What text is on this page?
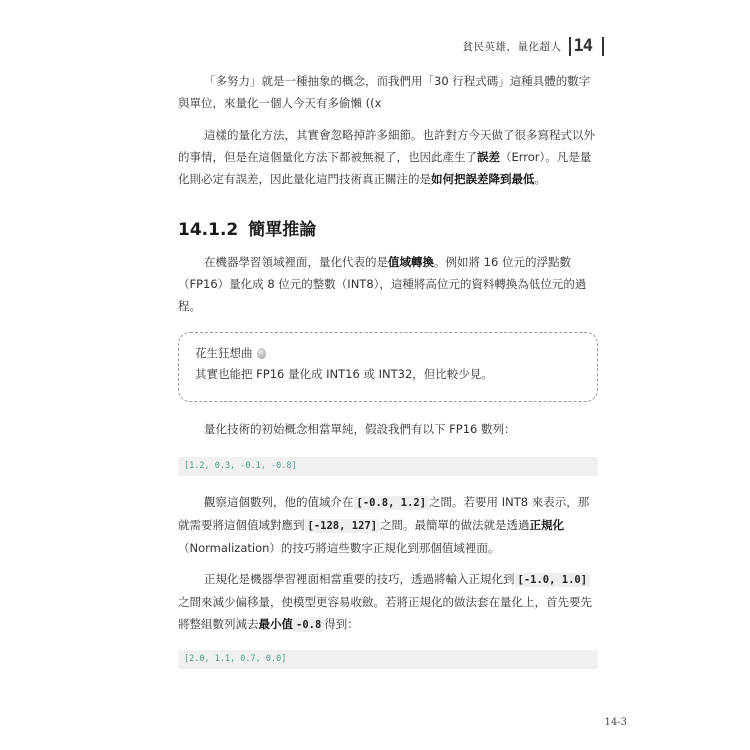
貧民英雄，量化超人 14

「多努力」就是一種抽象的概念，而我們用「30 行程式碼」這種具體的數字與單位，來量化一個人今天有多偷懶 ((x

這樣的量化方法，其實會忽略掉許多細節。也許對方今天做了很多寫程式以外的事情，但是在這個量化方法下都被無視了，也因此產生了誤差（Error）。凡是量化則必定有誤差，因此量化這門技術真正關注的是如何把誤差降到最低。

14.1.2 簡單推論

在機器學習領域裡面，量化代表的是值域轉換。例如將 16 位元的浮點數（FP16）量化成 8 位元的整數（INT8），這種將高位元的資料轉換為低位元的過程。

花生狂想曲
其實也能把 FP16 量化成 INT16 或 INT32，但比較少見。

量化技術的初始概念相當單純，假設我們有以下 FP16 數列：

[1.2, 0.3, -0.1, -0.8]

觀察這個數列，他的值域介在 [-0.8, 1.2] 之間。若要用 INT8 來表示，那就需要將這個值域對應到 [-128, 127] 之間。最簡單的做法就是透過正規化（Normalization）的技巧將這些數字正規化到那個值域裡面。

正規化是機器學習裡面相當重要的技巧，透過將輸入正規化到 [-1.0, 1.0]之間來減少偏移量，使模型更容易收斂。若將正規化的做法套在量化上，首先要先將整組數列減去最小值 -0.8 得到：

[2.0, 1.1, 0.7, 0.0]
14-3
